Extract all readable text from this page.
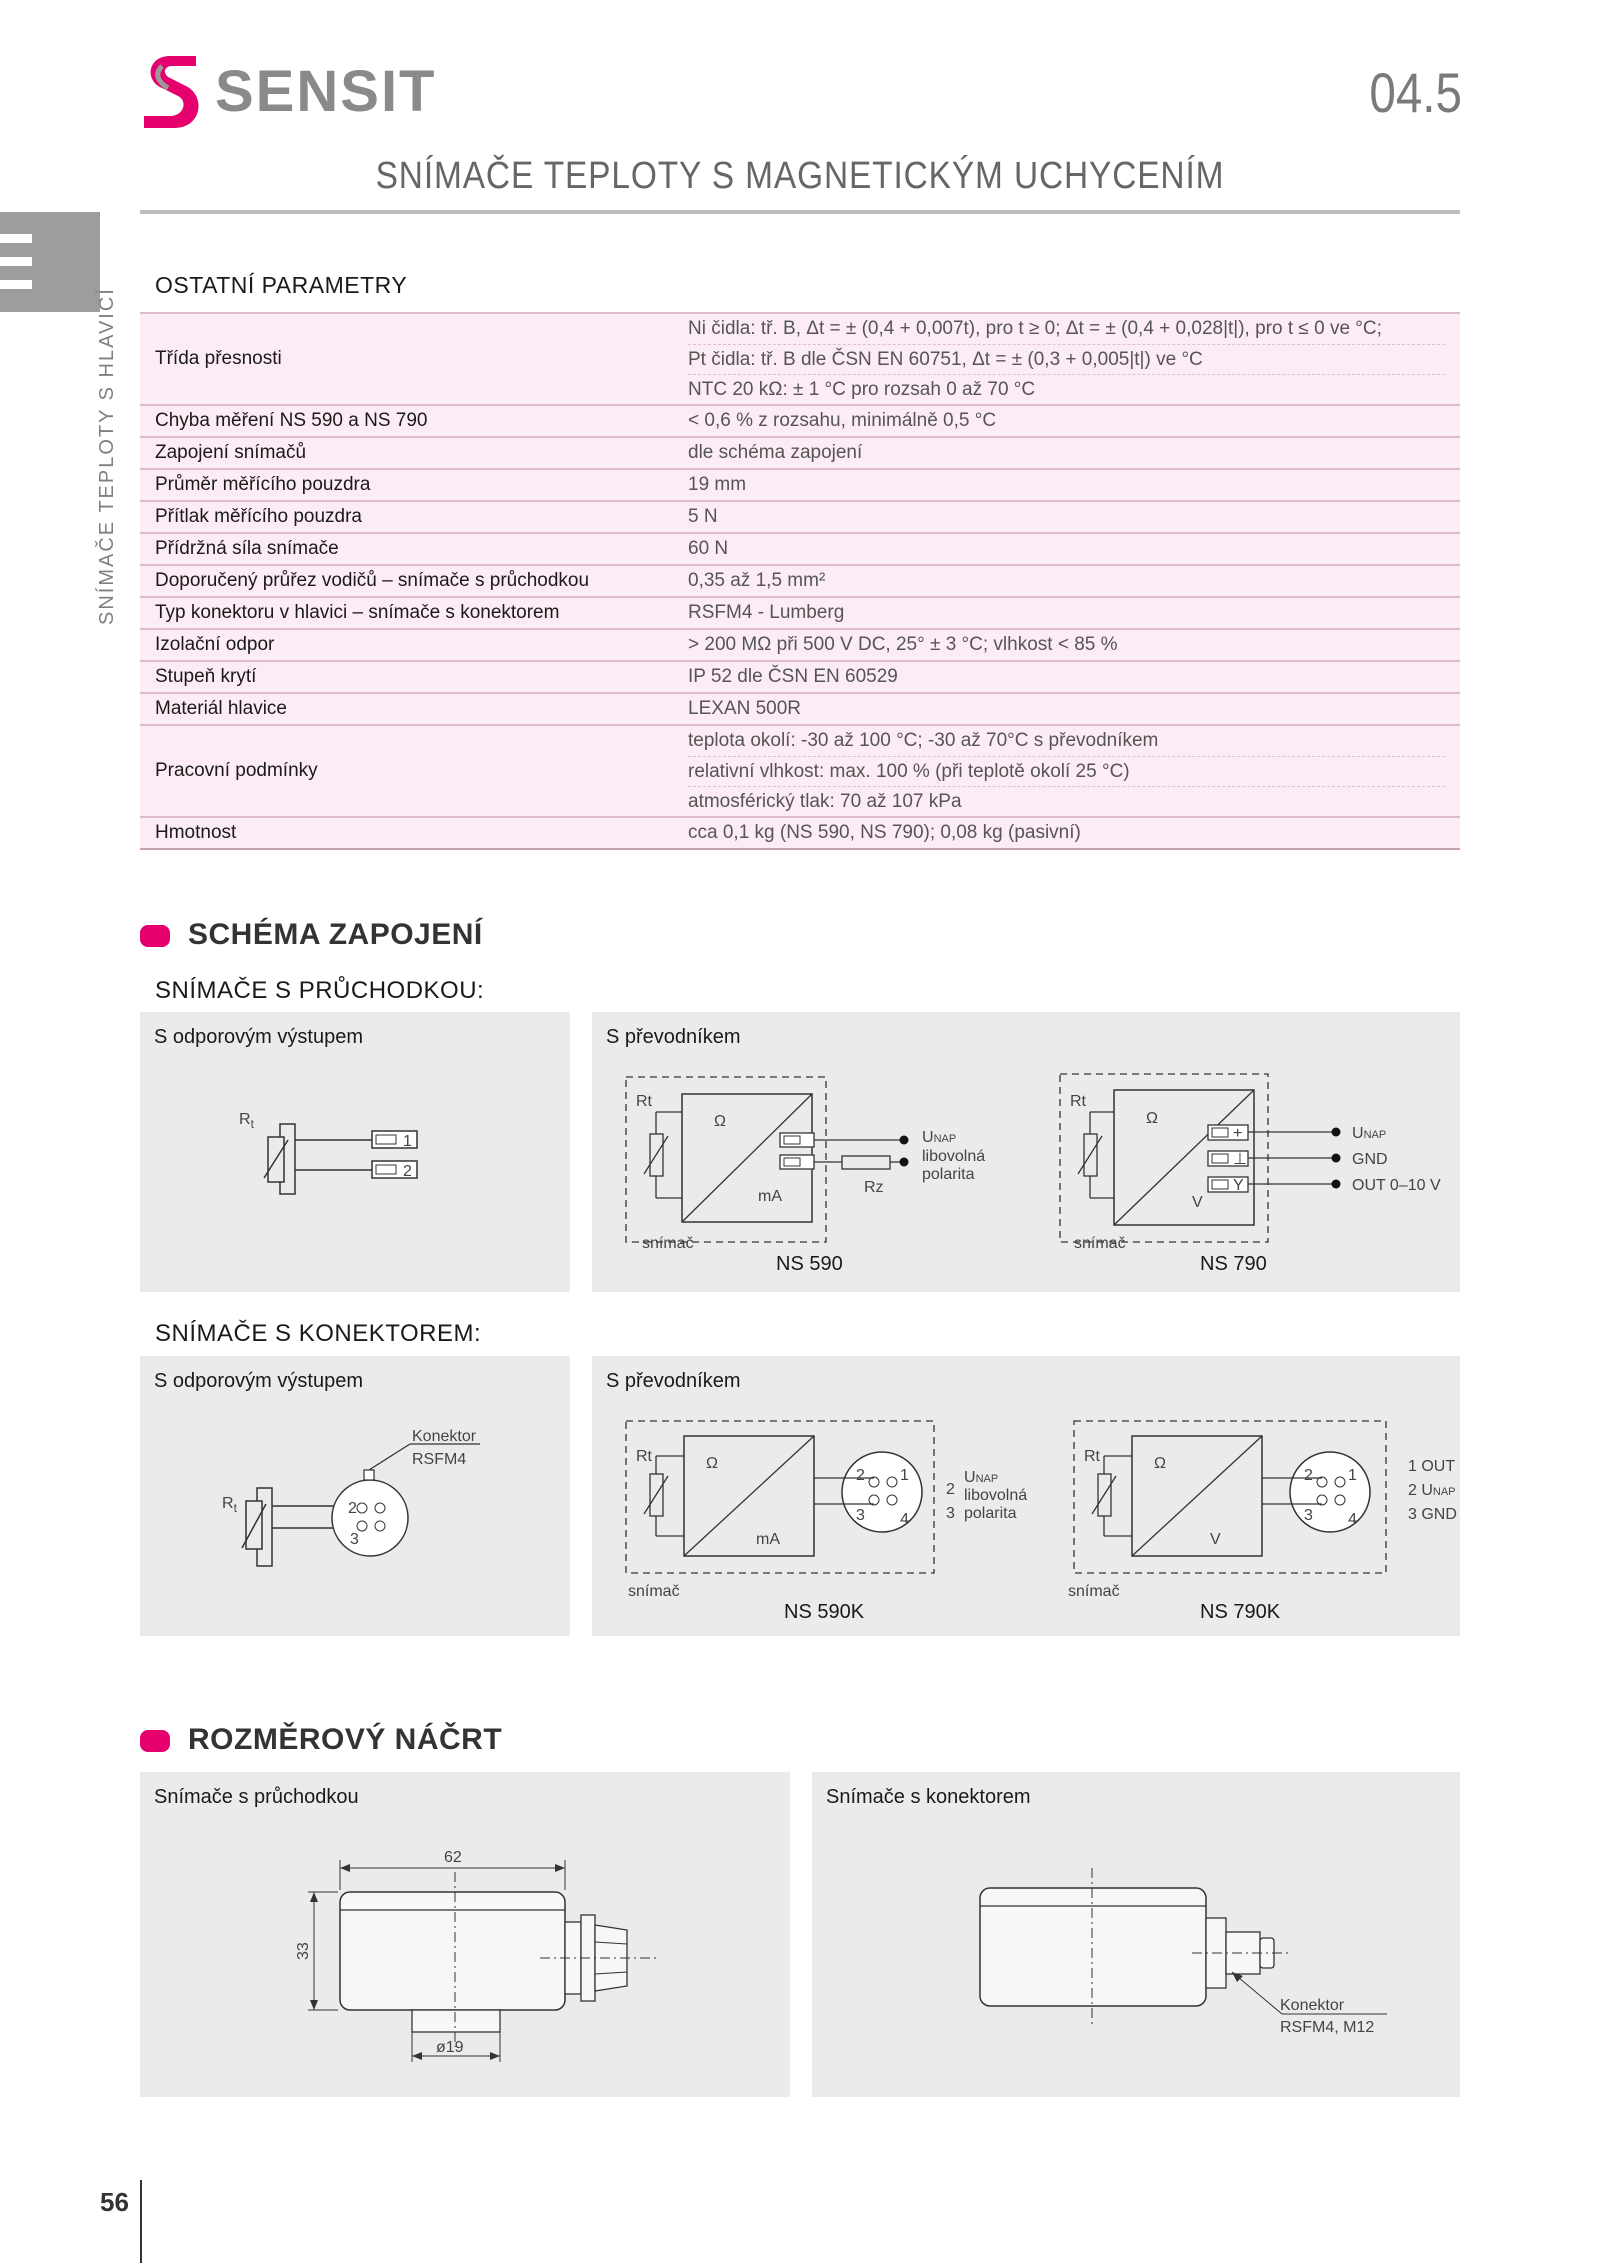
SENSIT	04.5
SNÍMAČE TEPLOTY S MAGNETICKÝM UCHYCENÍM
SNÍMAČE TEPLOTY S HLAVICÍ
OSTATNÍ PARAMETRY
Třída přesnosti	Ni čidla: tř. B, Δt = ± (0,4 + 0,007t), pro t ≥ 0; Δt = ± (0,4 + 0,028|t|), pro t ≤ 0 ve °C;
Pt čidla: tř. B dle ČSN EN 60751, Δt = ± (0,3 + 0,005|t|) ve °C
NTC 20 kΩ: ± 1 °C pro rozsah 0 až 70 °C

Chyba měření NS 590 a NS 790	< 0,6 % z rozsahu, minimálně 0,5 °C

Zapojení snímačů	dle schéma zapojení

Průměr měřícího pouzdra	19 mm

Přítlak měřícího pouzdra	5 N

Přídržná síla snímače	60 N

Doporučený průřez vodičů – snímače s průchodkou	0,35 až 1,5 mm²

Typ konektoru v hlavici – snímače s konektorem	RSFM4 - Lumberg

Izolační odpor	> 200 MΩ při 500 V DC, 25° ± 3 °C; vlhkost < 85 %

Stupeň krytí	IP 52 dle ČSN EN 60529

Materiál hlavice	LEXAN 500R

Pracovní podmínky	teplota okolí: -30 až 100 °C; -30 až 70°C s převodníkem
relativní vlhkost: max. 100 % (při teplotě okolí 25 °C)
atmosférický tlak: 70 až 107 kPa

Hmotnost	cca 0,1 kg (NS 590, NS 790); 0,08 kg (pasivní)
SCHÉMA ZAPOJENÍ
SNÍMAČE S PRŮCHODKOU:
S odporovým výstupem
$R_t$
1
2
S převodníkem
Rt
Ω
mA
Rz
UNAP
libovolná
polarita
snímač
NS 590
Rt
Ω
V
+
⊥
Y
UNAP
GND
OUT 0–10 V
snímač
NS 790
SNÍMAČE S KONEKTOREM:
S odporovým výstupem
$R_t$	2
3
Konektor
RSFM4
S převodníkem
Rt	Ω
mA
2 1
3 4
2
3
UNAP
libovolná
polarita
snímač
NS 590K
Rt	Ω
V
2 1
3 4
1 OUT
2 UNAP
3 GND
snímač
NS 790K
ROZMĚROVÝ NÁČRT
Snímače s průchodkou
62
33
ø19
Snímače s konektorem
Konektor
RSFM4, M12
56
